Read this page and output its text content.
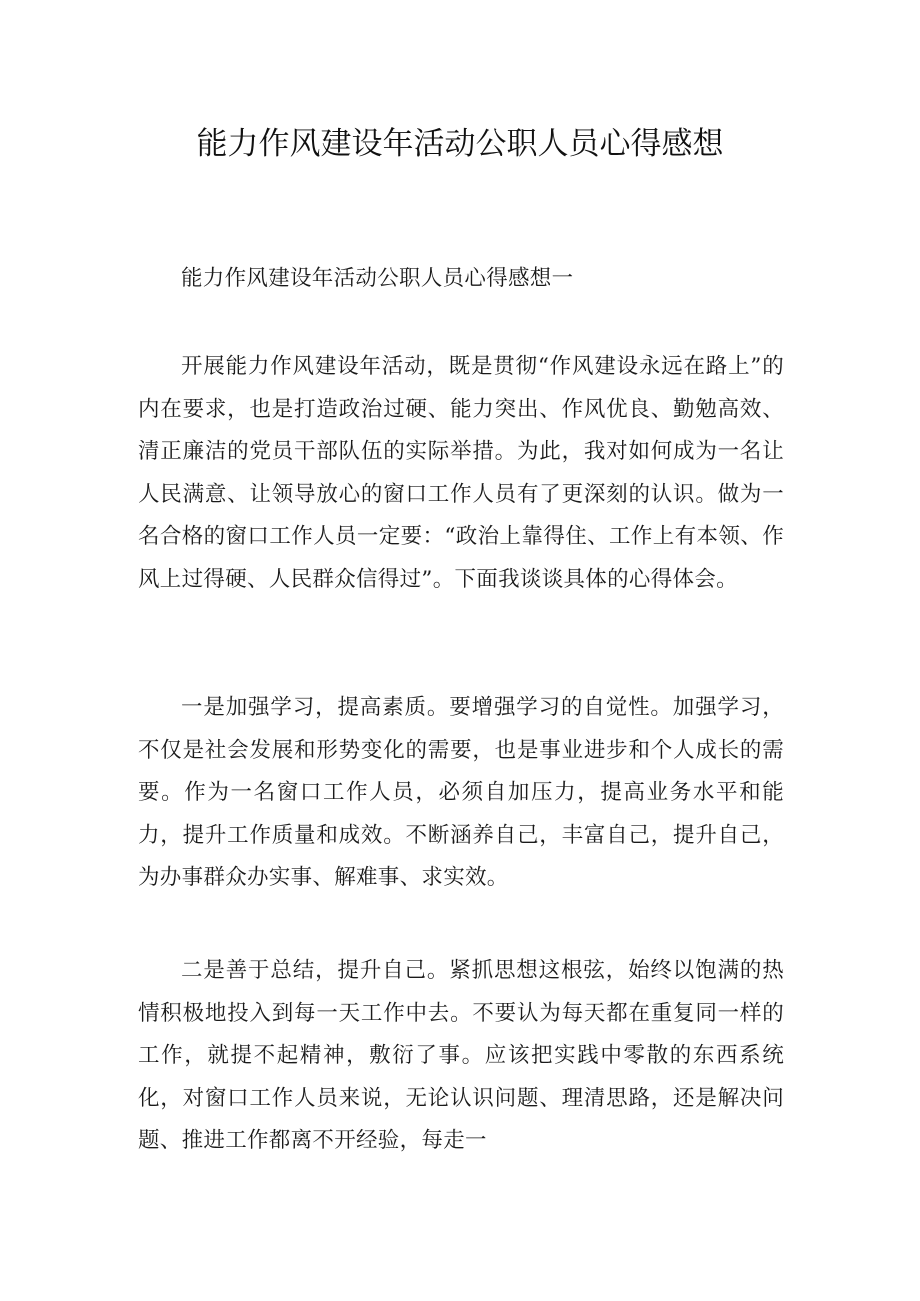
能力作风建设年活动公职人员心得感想

能力作风建设年活动公职人员心得感想一

开展能力作风建设年活动，既是贯彻“作风建设永远在路上”的内在要求，也是打造政治过硬、能力突出、作风优良、勤勉高效、清正廉洁的党员干部队伍的实际举措。为此，我对如何成为一名让人民满意、让领导放心的窗口工作人员有了更深刻的认识。做为一名合格的窗口工作人员一定要：“政治上靠得住、工作上有本领、作风上过得硬、人民群众信得过”。下面我谈谈具体的心得体会。

一是加强学习，提高素质。要增强学习的自觉性。加强学习，不仅是社会发展和形势变化的需要，也是事业进步和个人成长的需要。作为一名窗口工作人员，必须自加压力，提高业务水平和能力，提升工作质量和成效。不断涵养自己，丰富自己，提升自己，为办事群众办实事、解难事、求实效。

二是善于总结，提升自己。紧抓思想这根弦，始终以饱满的热情积极地投入到每一天工作中去。不要认为每天都在重复同一样的工作，就提不起精神，敷衍了事。应该把实践中零散的东西系统化，对窗口工作人员来说，无论认识问题、理清思路，还是解决问题、推进工作都离不开经验，每走一
